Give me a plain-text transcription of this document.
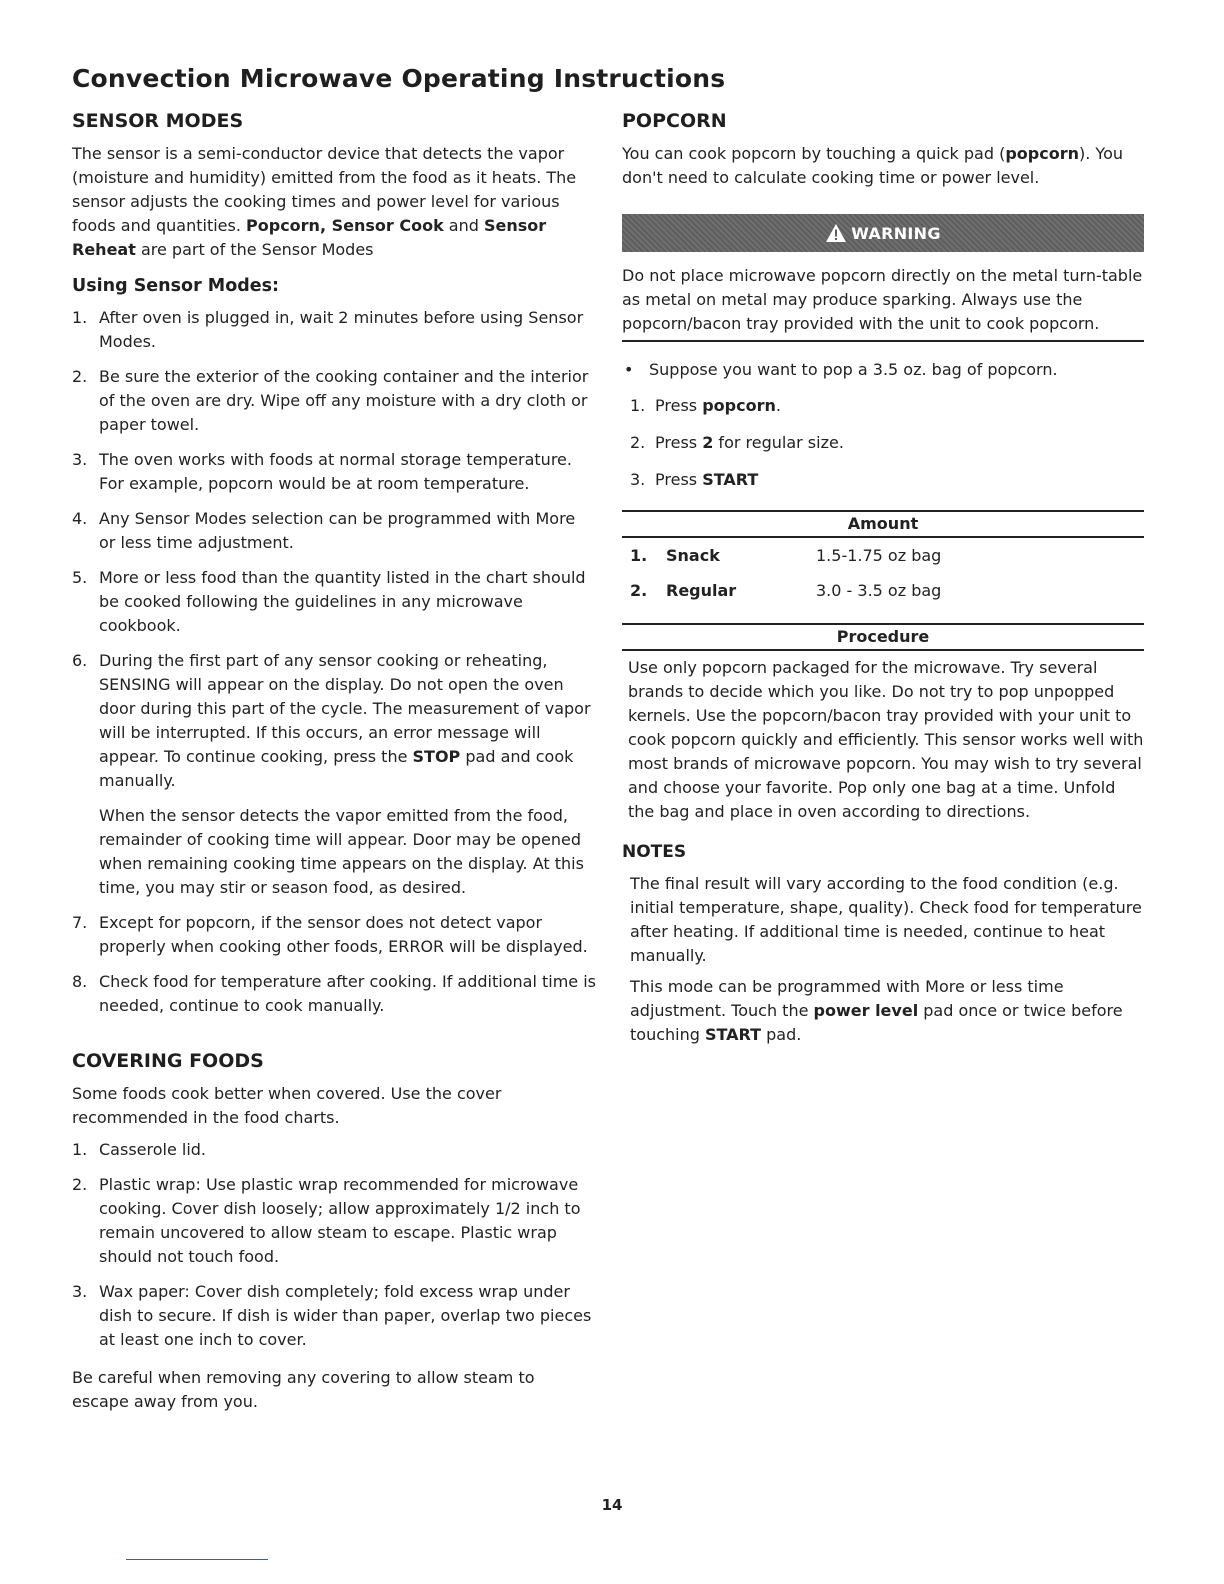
Convection Microwave Operating Instructions
SENSOR MODES

The sensor is a semi-conductor device that detects the vapor (moisture and humidity) emitted from the food as it heats. The sensor adjusts the cooking times and power level for various foods and quantities. Popcorn, Sensor Cook and Sensor Reheat are part of the Sensor Modes

Using Sensor Modes:
1. After oven is plugged in, wait 2 minutes before using Sensor Modes.
2. Be sure the exterior of the cooking container and the interior of the oven are dry. Wipe off any moisture with a dry cloth or paper towel.
3. The oven works with foods at normal storage temperature. For example, popcorn would be at room temperature.
4. Any Sensor Modes selection can be programmed with More or less time adjustment.
5. More or less food than the quantity listed in the chart should be cooked following the guidelines in any microwave cookbook.
6. During the first part of any sensor cooking or reheating, SENSING will appear on the display. Do not open the oven door during this part of the cycle. The measurement of vapor will be interrupted. If this occurs, an error message will appear. To continue cooking, press the STOP pad and cook manually.

When the sensor detects the vapor emitted from the food, remainder of cooking time will appear. Door may be opened when remaining cooking time appears on the display. At this time, you may stir or season food, as desired.

7. Except for popcorn, if the sensor does not detect vapor properly when cooking other foods, ERROR will be displayed.
8. Check food for temperature after cooking. If additional time is needed, continue to cook manually.
COVERING FOODS

Some foods cook better when covered. Use the cover recommended in the food charts.

1. Casserole lid.
2. Plastic wrap: Use plastic wrap recommended for microwave cooking. Cover dish loosely; allow approximately 1/2 inch to remain uncovered to allow steam to escape. Plastic wrap should not touch food.
3. Wax paper: Cover dish completely; fold excess wrap under dish to secure. If dish is wider than paper, overlap two pieces at least one inch to cover.

Be careful when removing any covering to allow steam to escape away from you.

POPCORN

You can cook popcorn by touching a quick pad (popcorn). You don't need to calculate cooking time or power level.

WARNING

Do not place microwave popcorn directly on the metal turn-table as metal on metal may produce sparking. Always use the popcorn/bacon tray provided with the unit to cook popcorn.

• Suppose you want to pop a 3.5 oz. bag of popcorn.
1. Press popcorn.
2. Press 2 for regular size.
3. Press START
Amount
1.	Snack	1.5-1.75 oz bag
2.	Regular	3.0 - 3.5 oz bag
Procedure

Use only popcorn packaged for the microwave. Try several brands to decide which you like. Do not try to pop unpopped kernels. Use the popcorn/bacon tray provided with your unit to cook popcorn quickly and efficiently. This sensor works well with most brands of microwave popcorn. You may wish to try several and choose your favorite. Pop only one bag at a time. Unfold the bag and place in oven according to directions.

NOTES

The final result will vary according to the food condition (e.g. initial temperature, shape, quality). Check food for temperature after heating. If additional time is needed, continue to heat manually.

This mode can be programmed with More or less time adjustment. Touch the power level pad once or twice before touching START pad.

14
